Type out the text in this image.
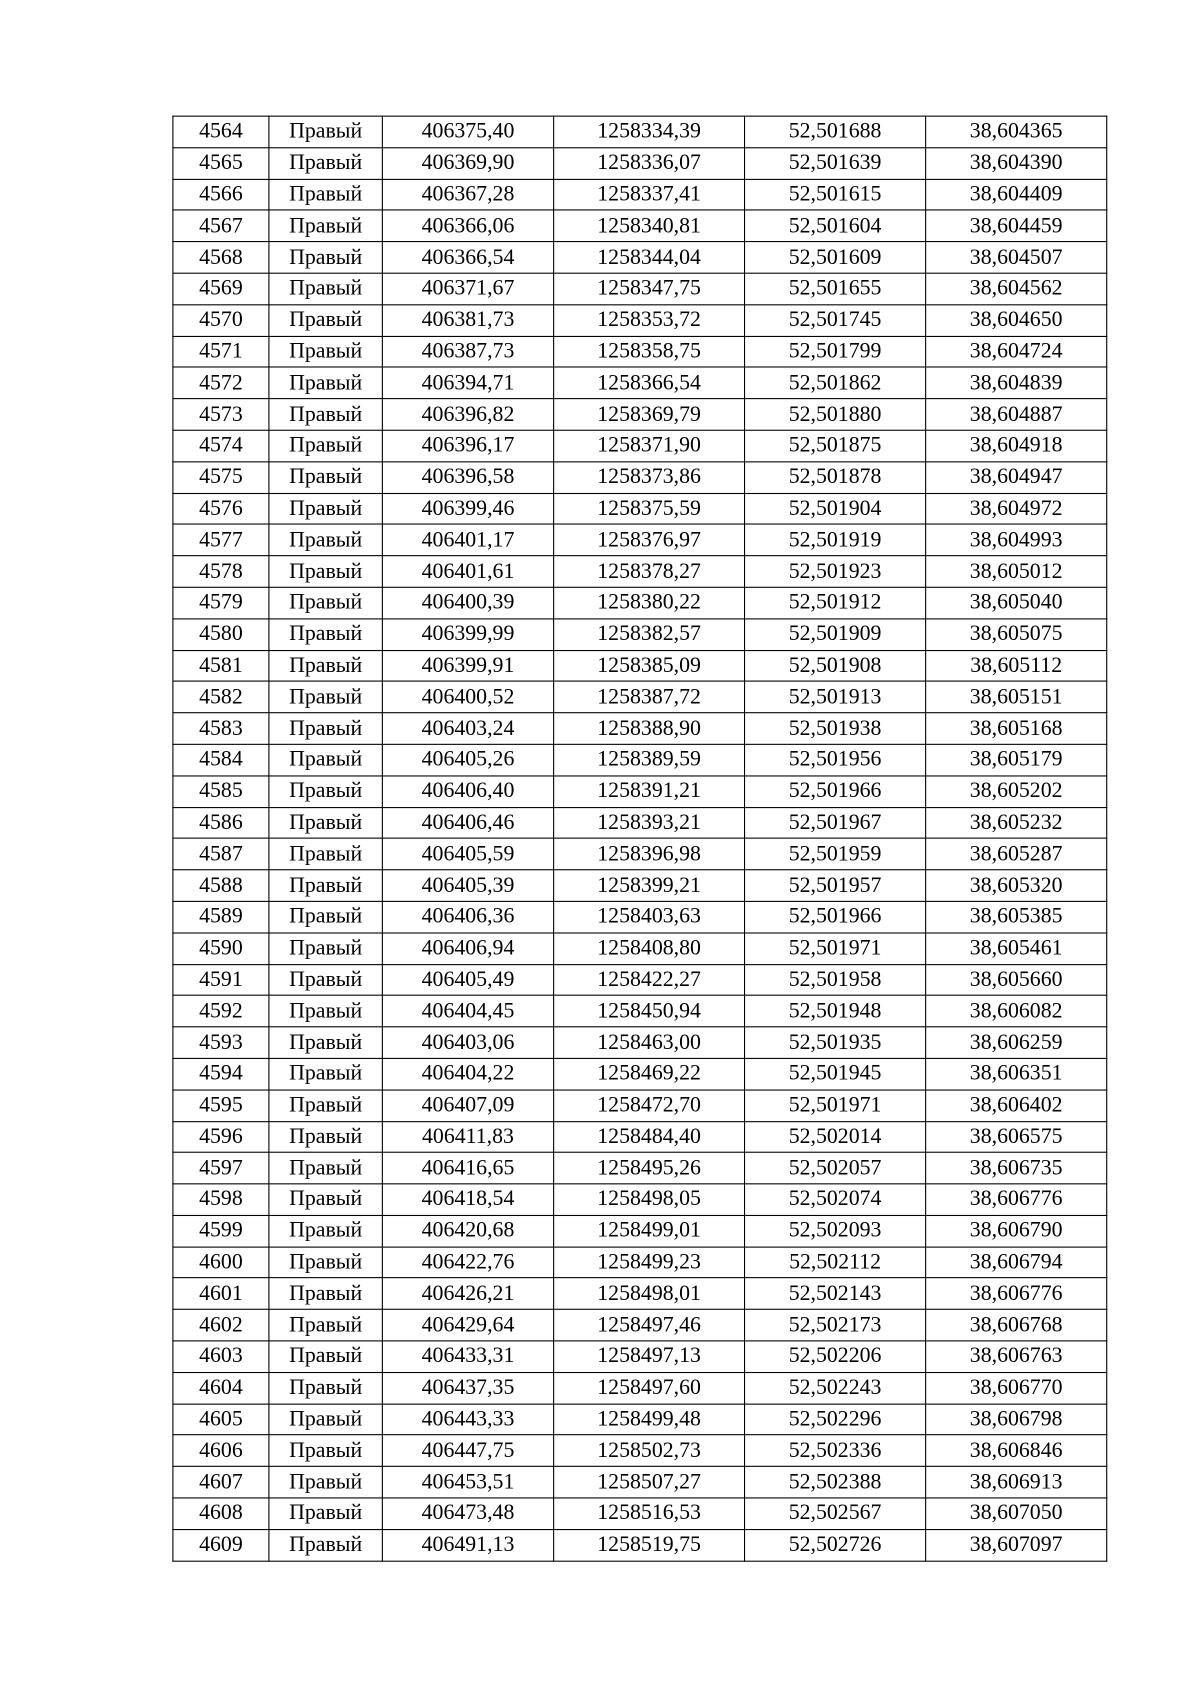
4564	Правый	406375,40	1258334,39	52,501688	38,604365
4565	Правый	406369,90	1258336,07	52,501639	38,604390
4566	Правый	406367,28	1258337,41	52,501615	38,604409
4567	Правый	406366,06	1258340,81	52,501604	38,604459
4568	Правый	406366,54	1258344,04	52,501609	38,604507
4569	Правый	406371,67	1258347,75	52,501655	38,604562
4570	Правый	406381,73	1258353,72	52,501745	38,604650
4571	Правый	406387,73	1258358,75	52,501799	38,604724
4572	Правый	406394,71	1258366,54	52,501862	38,604839
4573	Правый	406396,82	1258369,79	52,501880	38,604887
4574	Правый	406396,17	1258371,90	52,501875	38,604918
4575	Правый	406396,58	1258373,86	52,501878	38,604947
4576	Правый	406399,46	1258375,59	52,501904	38,604972
4577	Правый	406401,17	1258376,97	52,501919	38,604993
4578	Правый	406401,61	1258378,27	52,501923	38,605012
4579	Правый	406400,39	1258380,22	52,501912	38,605040
4580	Правый	406399,99	1258382,57	52,501909	38,605075
4581	Правый	406399,91	1258385,09	52,501908	38,605112
4582	Правый	406400,52	1258387,72	52,501913	38,605151
4583	Правый	406403,24	1258388,90	52,501938	38,605168
4584	Правый	406405,26	1258389,59	52,501956	38,605179
4585	Правый	406406,40	1258391,21	52,501966	38,605202
4586	Правый	406406,46	1258393,21	52,501967	38,605232
4587	Правый	406405,59	1258396,98	52,501959	38,605287
4588	Правый	406405,39	1258399,21	52,501957	38,605320
4589	Правый	406406,36	1258403,63	52,501966	38,605385
4590	Правый	406406,94	1258408,80	52,501971	38,605461
4591	Правый	406405,49	1258422,27	52,501958	38,605660
4592	Правый	406404,45	1258450,94	52,501948	38,606082
4593	Правый	406403,06	1258463,00	52,501935	38,606259
4594	Правый	406404,22	1258469,22	52,501945	38,606351
4595	Правый	406407,09	1258472,70	52,501971	38,606402
4596	Правый	406411,83	1258484,40	52,502014	38,606575
4597	Правый	406416,65	1258495,26	52,502057	38,606735
4598	Правый	406418,54	1258498,05	52,502074	38,606776
4599	Правый	406420,68	1258499,01	52,502093	38,606790
4600	Правый	406422,76	1258499,23	52,502112	38,606794
4601	Правый	406426,21	1258498,01	52,502143	38,606776
4602	Правый	406429,64	1258497,46	52,502173	38,606768
4603	Правый	406433,31	1258497,13	52,502206	38,606763
4604	Правый	406437,35	1258497,60	52,502243	38,606770
4605	Правый	406443,33	1258499,48	52,502296	38,606798
4606	Правый	406447,75	1258502,73	52,502336	38,606846
4607	Правый	406453,51	1258507,27	52,502388	38,606913
4608	Правый	406473,48	1258516,53	52,502567	38,607050
4609	Правый	406491,13	1258519,75	52,502726	38,607097
